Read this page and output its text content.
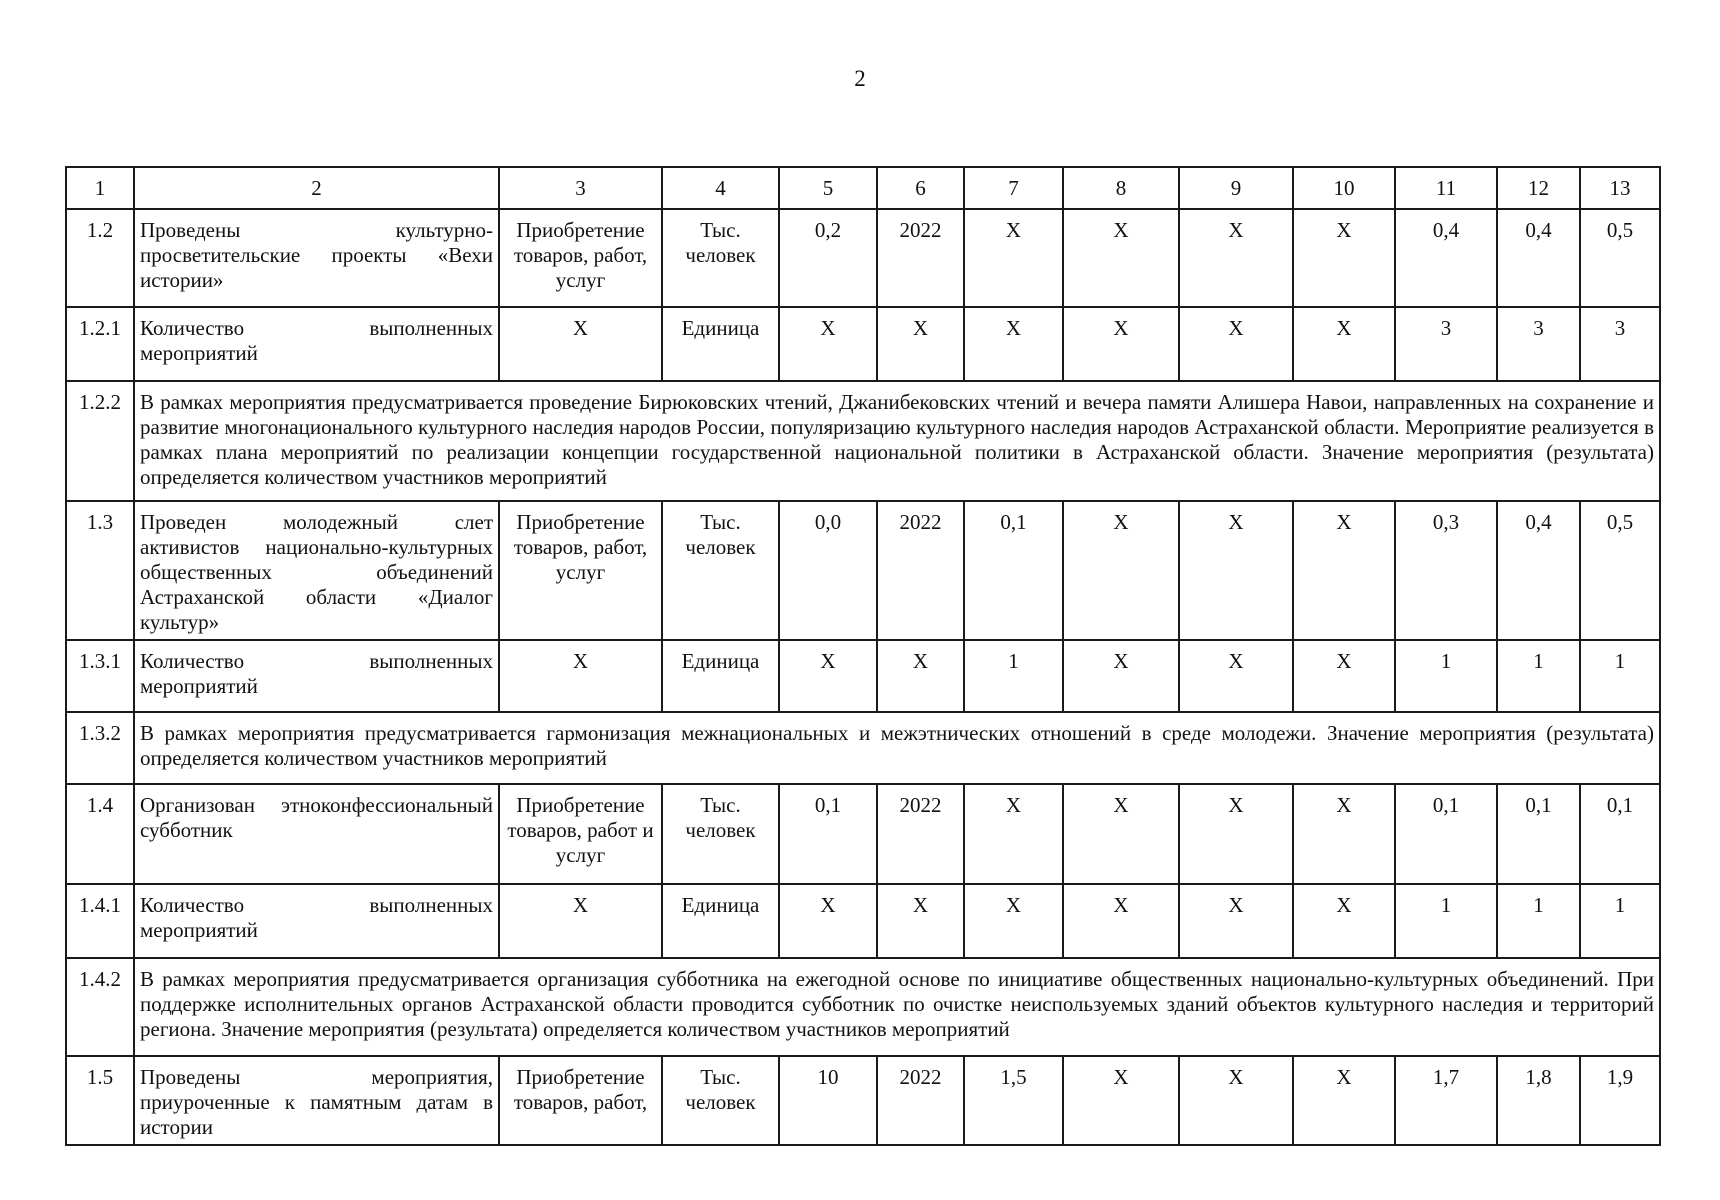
2
1	2	3	4	5	6	7	8	9	10	11	12	13
1.2	Проведены культурно-просветительские проекты «Вехи истории»	Приобретение товаров, работ, услуг	Тыс. человек	0,2	2022	X	X	X	X	0,4	0,4	0,5
1.2.1	Количество выполненных мероприятий	X	Единица	X	X	X	X	X	X	3	3	3
1.2.2	В рамках мероприятия предусматривается проведение Бирюковских чтений, Джанибековских чтений и вечера памяти Алишера Навои, направленных на сохранение и развитие многонационального культурного наследия народов России, популяризацию культурного наследия народов Астраханской области. Мероприятие реализуется в рамках плана мероприятий по реализации концепции государственной национальной политики в Астраханской области. Значение мероприятия (результата) определяется количеством участников мероприятий											
1.3	Проведен молодежный слет активистов национально-культурных общественных объединений Астраханской области «Диалог культур»	Приобретение товаров, работ, услуг	Тыс. человек	0,0	2022	0,1	X	X	X	0,3	0,4	0,5
1.3.1	Количество выполненных мероприятий	X	Единица	X	X	1	X	X	X	1	1	1
1.3.2	В рамках мероприятия предусматривается гармонизация межнациональных и межэтнических отношений в среде молодежи. Значение мероприятия (результата) определяется количеством участников мероприятий											
1.4	Организован этноконфессиональный субботник	Приобретение товаров, работ и услуг	Тыс. человек	0,1	2022	X	X	X	X	0,1	0,1	0,1
1.4.1	Количество выполненных мероприятий	X	Единица	X	X	X	X	X	X	1	1	1
1.4.2	В рамках мероприятия предусматривается организация субботника на ежегодной основе по инициативе общественных национально-культурных объединений. При поддержке исполнительных органов Астраханской области проводится субботник по очистке неиспользуемых зданий объектов культурного наследия и территорий региона. Значение мероприятия (результата) определяется количеством участников мероприятий											
1.5	Проведены мероприятия, приуроченные к памятным датам в истории	Приобретение товаров, работ,	Тыс. человек	10	2022	1,5	X	X	X	1,7	1,8	1,9
